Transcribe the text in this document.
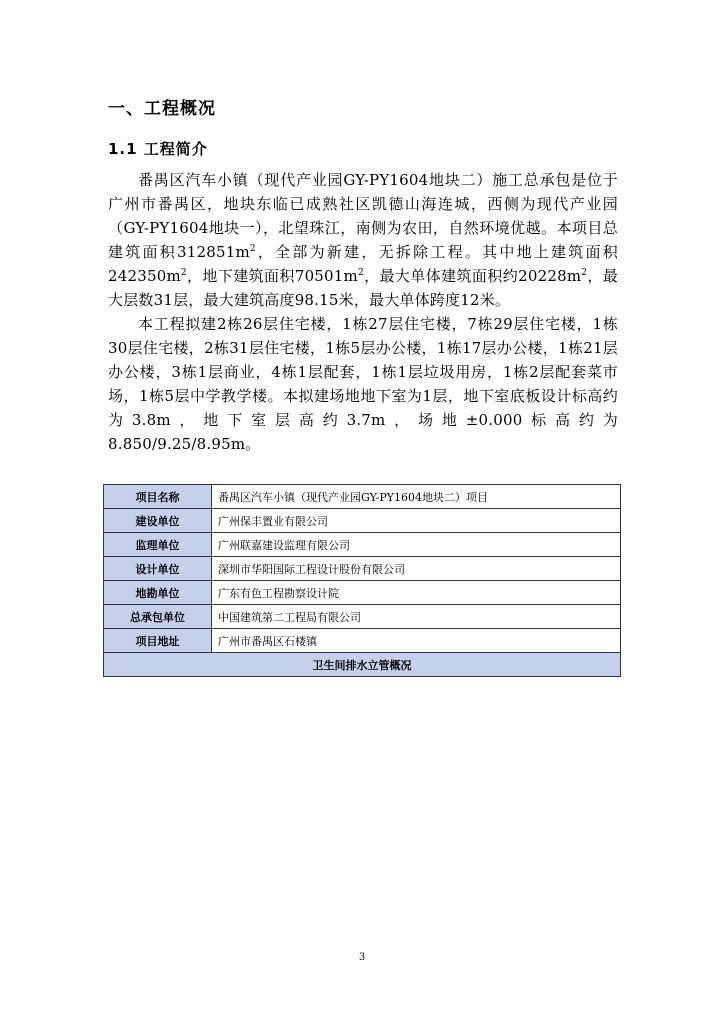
一、工程概况
1.1 工程简介

番禺区汽车小镇（现代产业园GY-PY1604地块二）施工总承包是位于广州市番禺区，地块东临已成熟社区凯德山海连城，西侧为现代产业园（GY-PY1604地块一），北望珠江，南侧为农田，自然环境优越。本项目总建筑面积$312851m^2$，全部为新建，无拆除工程。其中地上建筑面积$242350m^2$，地下建筑面积$70501m^2$，最大单体建筑面积约$20228m^2$，最大层数31层，最大建筑高度98.15米，最大单体跨度12米。

本工程拟建2栋26层住宅楼，1栋27层住宅楼，7栋29层住宅楼，1栋30层住宅楼，2栋31层住宅楼，1栋5层办公楼，1栋17层办公楼，1栋21层办公楼，3栋1层商业，4栋1层配套，1栋1层垃圾用房，1栋2层配套菜市场，1栋5层中学教学楼。本拟建场地地下室为1层，地下室底板设计标高约为3.8m，地下室层高约3.7m，场地±0.000标高约为8.850/9.25/8.95m。

项目名称	番禺区汽车小镇（现代产业园GY-PY1604地块二）项目
建设单位	广州保丰置业有限公司
监理单位	广州联嘉建设监理有限公司
设计单位	深圳市华阳国际工程设计股份有限公司
地勘单位	广东有色工程勘察设计院
总承包单位	中国建筑第二工程局有限公司
项目地址	广州市番禺区石楼镇
卫生间排水立管概况	
3
